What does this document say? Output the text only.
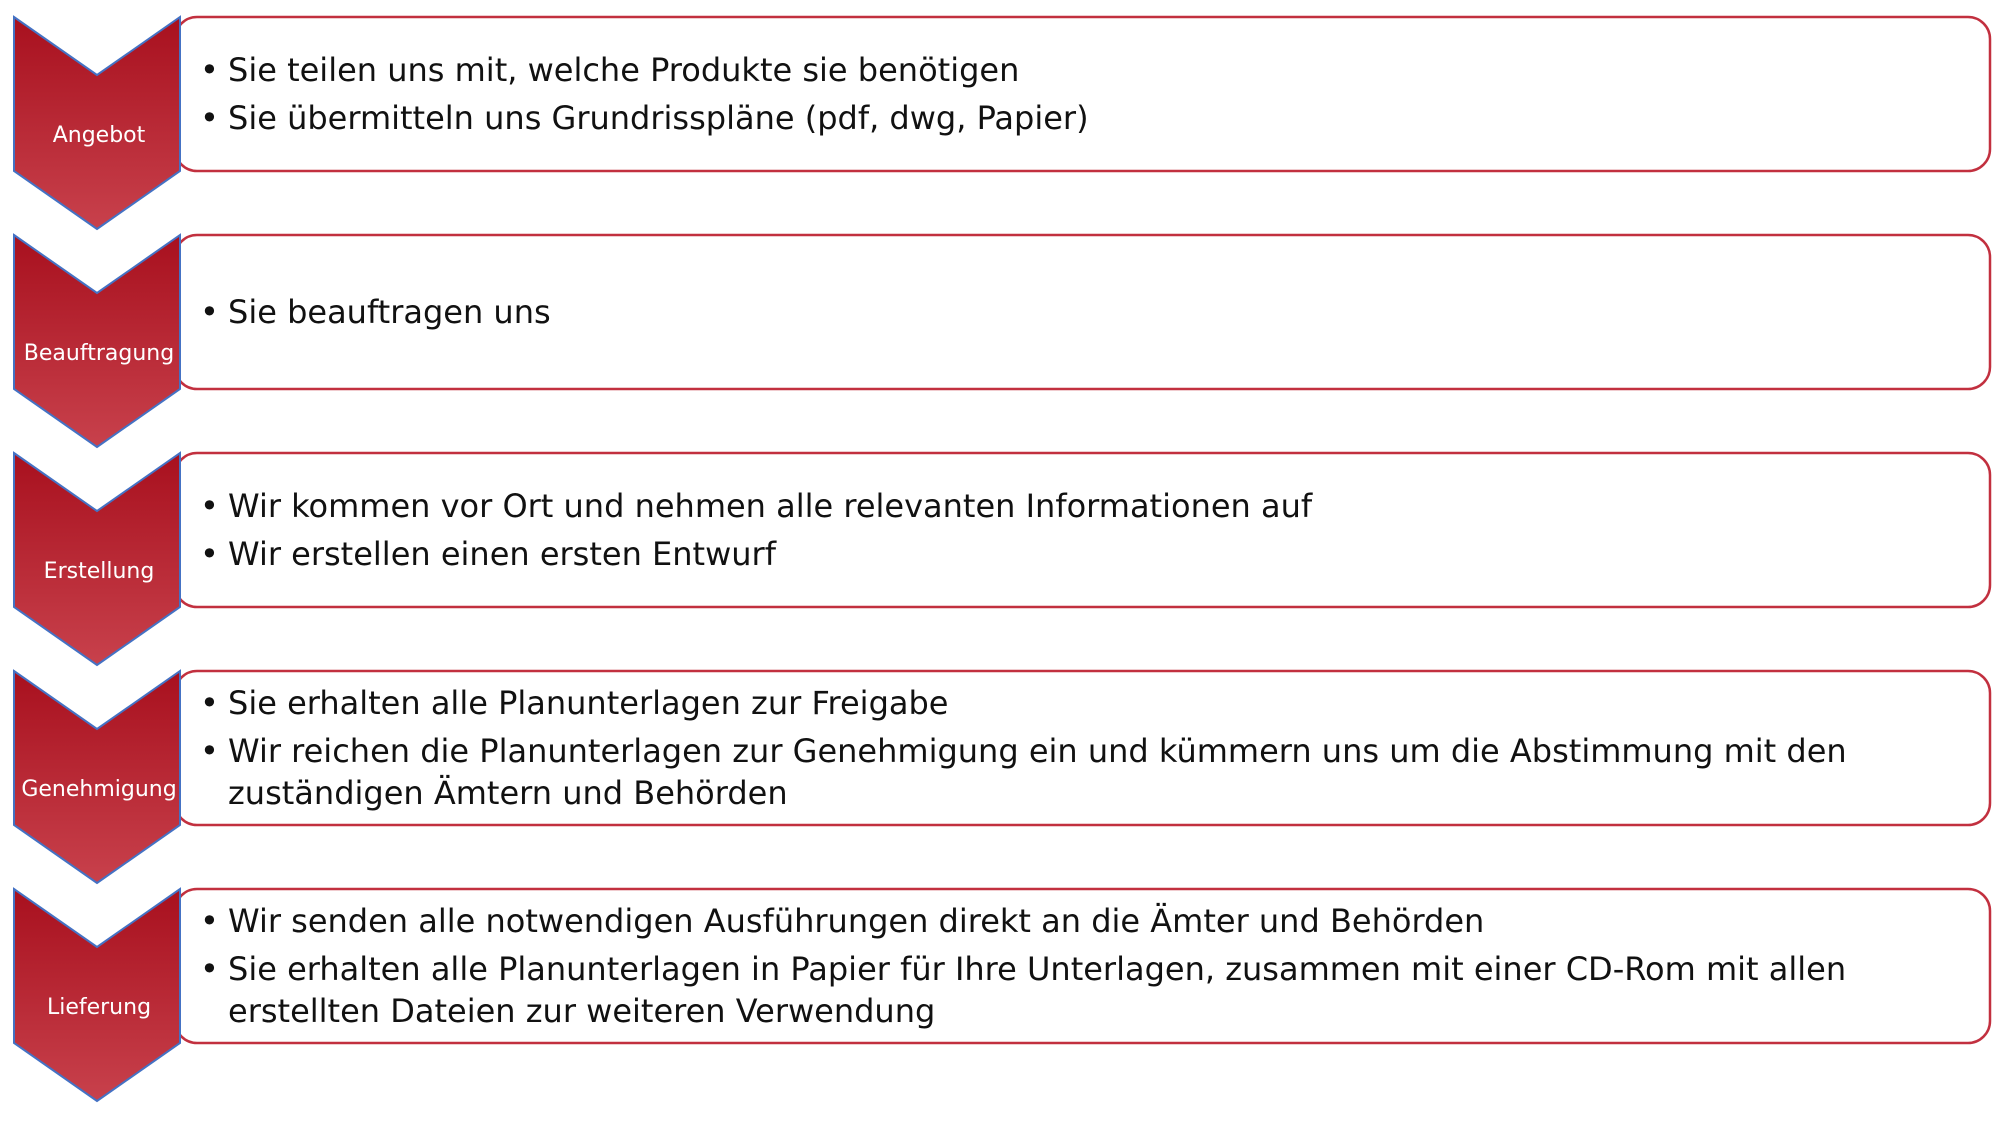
Angebot
Beauftragung
Erstellung
Genehmigung
Lieferung
• Sie teilen uns mit, welche Produkte sie benötigen
• Sie übermitteln uns Grundrisspläne (pdf, dwg, Papier)
• Sie beauftragen uns
• Wir kommen vor Ort und nehmen alle relevanten Informationen auf
• Wir erstellen einen ersten Entwurf
• Sie erhalten alle Planunterlagen zur Freigabe
• Wir reichen die Planunterlagen zur Genehmigung ein und kümmern uns um die Abstimmung mit den zuständigen Ämtern und Behörden
• Wir senden alle notwendigen Ausführungen direkt an die Ämter und Behörden
• Sie erhalten alle Planunterlagen in Papier für Ihre Unterlagen, zusammen mit einer CD-Rom mit allen erstellten Dateien zur weiteren Verwendung
